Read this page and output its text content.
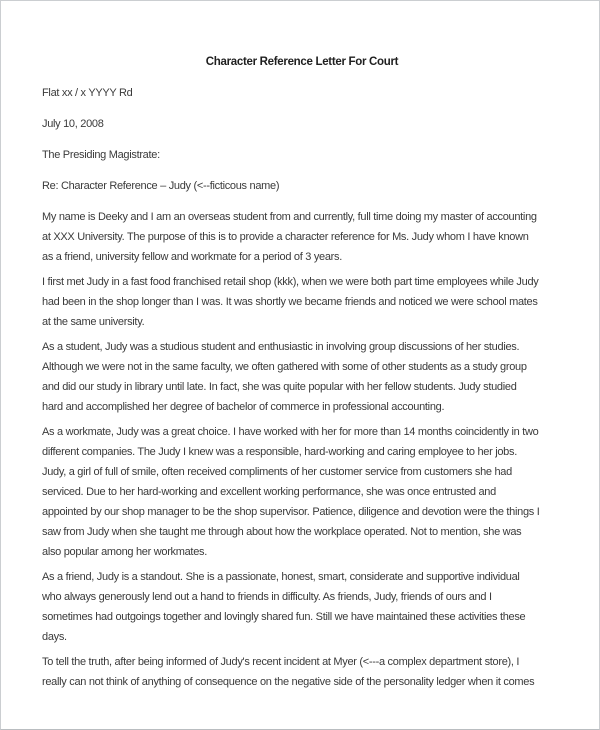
Character Reference Letter For Court
Flat xx / x YYYY Rd
July 10, 2008
The Presiding Magistrate:
Re: Character Reference – Judy (<--ficticous name)
My name is Deeky and I am an overseas student from and currently, full time doing my master of accounting
at XXX University. The purpose of this is to provide a character reference for Ms. Judy whom I have known
as a friend, university fellow and workmate for a period of 3 years.
I first met Judy in a fast food franchised retail shop (kkk), when we were both part time employees while Judy
had been in the shop longer than I was. It was shortly we became friends and noticed we were school mates
at the same university.
As a student, Judy was a studious student and enthusiastic in involving group discussions of her studies.
Although we were not in the same faculty, we often gathered with some of other students as a study group
and did our study in library until late. In fact, she was quite popular with her fellow students. Judy studied
hard and accomplished her degree of bachelor of commerce in professional accounting.
As a workmate, Judy was a great choice. I have worked with her for more than 14 months coincidently in two
different companies. The Judy I knew was a responsible, hard-working and caring employee to her jobs.
Judy, a girl of full of smile, often received compliments of her customer service from customers she had
serviced. Due to her hard-working and excellent working performance, she was once entrusted and
appointed by our shop manager to be the shop supervisor. Patience, diligence and devotion were the things I
saw from Judy when she taught me through about how the workplace operated. Not to mention, she was
also popular among her workmates.
As a friend, Judy is a standout. She is a passionate, honest, smart, considerate and supportive individual
who always generously lend out a hand to friends in difficulty. As friends, Judy, friends of ours and I
sometimes had outgoings together and lovingly shared fun. Still we have maintained these activities these
days.
To tell the truth, after being informed of Judy's recent incident at Myer (<---a complex department store), I
really can not think of anything of consequence on the negative side of the personality ledger when it comes
